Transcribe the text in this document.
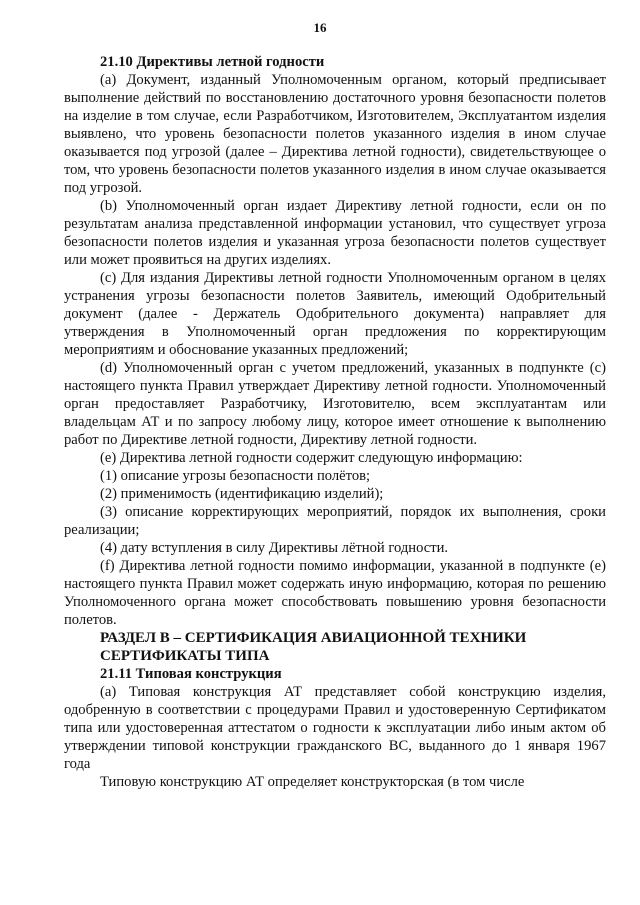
16

21.10 Директивы летной годности

(а) Документ, изданный Уполномоченным органом, который предписывает выполнение действий по восстановлению достаточного уровня безопасности полетов на изделие в том случае, если Разработчиком, Изготовителем, Эксплуатантом изделия выявлено, что уровень безопасности полетов указанного изделия в ином случае оказывается под угрозой (далее – Директива летной годности), свидетельствующее о том, что уровень безопасности полетов указанного изделия в ином случае оказывается под угрозой.

(b) Уполномоченный орган издает Директиву летной годности, если он по результатам анализа представленной информации установил, что существует угроза безопасности полетов изделия и указанная угроза безопасности полетов существует или может проявиться на других изделиях.

(c) Для издания Директивы летной годности Уполномоченным органом в целях устранения угрозы безопасности полетов Заявитель, имеющий Одобрительный документ (далее - Держатель Одобрительного документа) направляет для утверждения в Уполномоченный орган предложения по корректирующим мероприятиям и обоснование указанных предложений;

(d) Уполномоченный орган с учетом предложений, указанных в подпункте (с) настоящего пункта Правил утверждает Директиву летной годности. Уполномоченный орган предоставляет Разработчику, Изготовителю, всем эксплуатантам или владельцам АТ и по запросу любому лицу, которое имеет отношение к выполнению работ по Директиве летной годности, Директиву летной годности.

(е) Директива летной годности содержит следующую информацию:

(1) описание угрозы безопасности полётов;

(2) применимость (идентификацию изделий);

(3) описание корректирующих мероприятий, порядок их выполнения, сроки реализации;

(4) дату вступления в силу Директивы лётной годности.

(f) Директива летной годности помимо информации, указанной в подпункте (е) настоящего пункта Правил может содержать иную информацию, которая по решению Уполномоченного органа может способствовать повышению уровня безопасности полетов.

РАЗДЕЛ В – СЕРТИФИКАЦИЯ АВИАЦИОННОЙ ТЕХНИКИ

СЕРТИФИКАТЫ ТИПА

21.11 Типовая конструкция

(а) Типовая конструкция АТ представляет собой конструкцию изделия, одобренную в соответствии с процедурами Правил и удостоверенную Сертификатом типа или удостоверенная аттестатом о годности к эксплуатации либо иным актом об утверждении типовой конструкции гражданского ВС, выданного до 1 января 1967 года

Типовую конструкцию АТ определяет конструкторская (в том числе
